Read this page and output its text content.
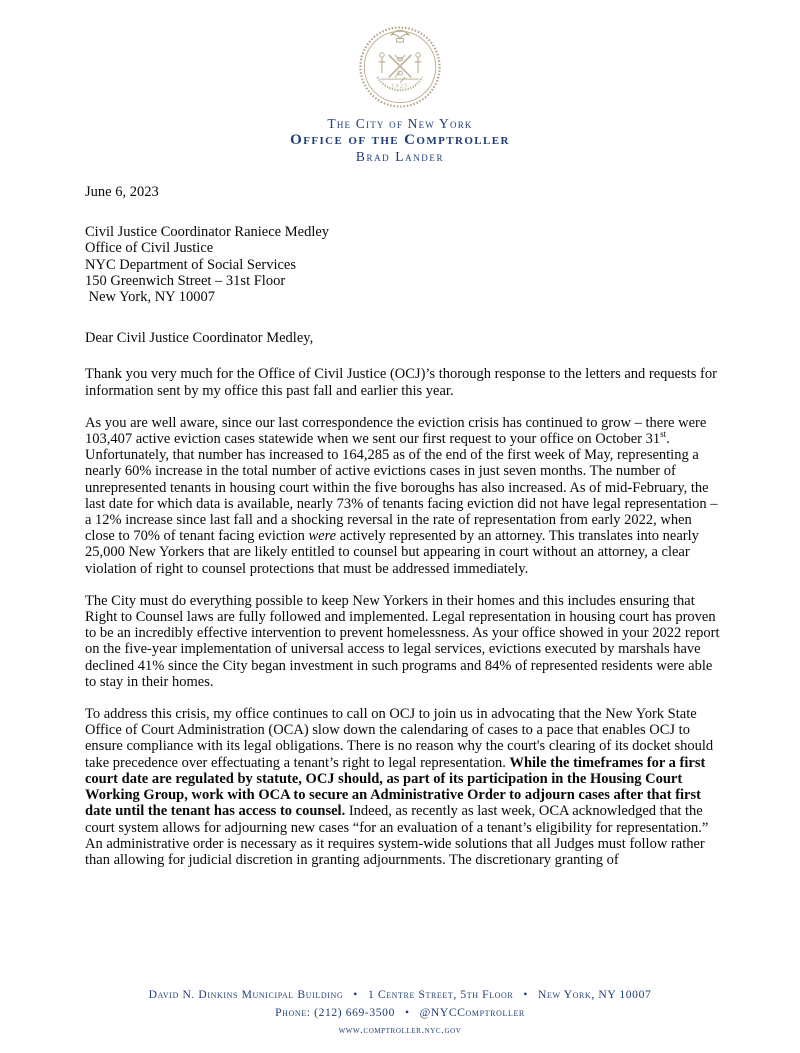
1625
The City of New York
Office of the Comptroller
Brad Lander
June 6, 2023
Civil Justice Coordinator Raniece Medley
Office of Civil Justice
NYC Department of Social Services
150 Greenwich Street – 31st Floor
New York, NY 10007
Dear Civil Justice Coordinator Medley,

Thank you very much for the Office of Civil Justice (OCJ)’s thorough response to the letters and requests for information sent by my office this past fall and earlier this year.

As you are well aware, since our last correspondence the eviction crisis has continued to grow – there were 103,407 active eviction cases statewide when we sent our first request to your office on October 31st. Unfortunately, that number has increased to 164,285 as of the end of the first week of May, representing a nearly 60% increase in the total number of active evictions cases in just seven months. The number of unrepresented tenants in housing court within the five boroughs has also increased. As of mid-February, the last date for which data is available, nearly 73% of tenants facing eviction did not have legal representation – a 12% increase since last fall and a shocking reversal in the rate of representation from early 2022, when close to 70% of tenant facing eviction were actively represented by an attorney. This translates into nearly 25,000 New Yorkers that are likely entitled to counsel but appearing in court without an attorney, a clear violation of right to counsel protections that must be addressed immediately.

The City must do everything possible to keep New Yorkers in their homes and this includes ensuring that Right to Counsel laws are fully followed and implemented. Legal representation in housing court has proven to be an incredibly effective intervention to prevent homelessness. As your office showed in your 2022 report on the five-year implementation of universal access to legal services, evictions executed by marshals have declined 41% since the City began investment in such programs and 84% of represented residents were able to stay in their homes.

To address this crisis, my office continues to call on OCJ to join us in advocating that the New York State Office of Court Administration (OCA) slow down the calendaring of cases to a pace that enables OCJ to ensure compliance with its legal obligations. There is no reason why the court's clearing of its docket should take precedence over effectuating a tenant’s right to legal representation. While the timeframes for a first court date are regulated by statute, OCJ should, as part of its participation in the Housing Court Working Group, work with OCA to secure an Administrative Order to adjourn cases after that first date until the tenant has access to counsel. Indeed, as recently as last week, OCA acknowledged that the court system allows for adjourning new cases “for an evaluation of a tenant’s eligibility for representation.” An administrative order is necessary as it requires system-wide solutions that all Judges must follow rather than allowing for judicial discretion in granting adjournments. The discretionary granting of

David N. Dinkins Municipal Building • 1 Centre Street, 5th Floor • New York, NY 10007
Phone: (212) 669-3500 • @NYCComptroller
www.comptroller.nyc.gov
